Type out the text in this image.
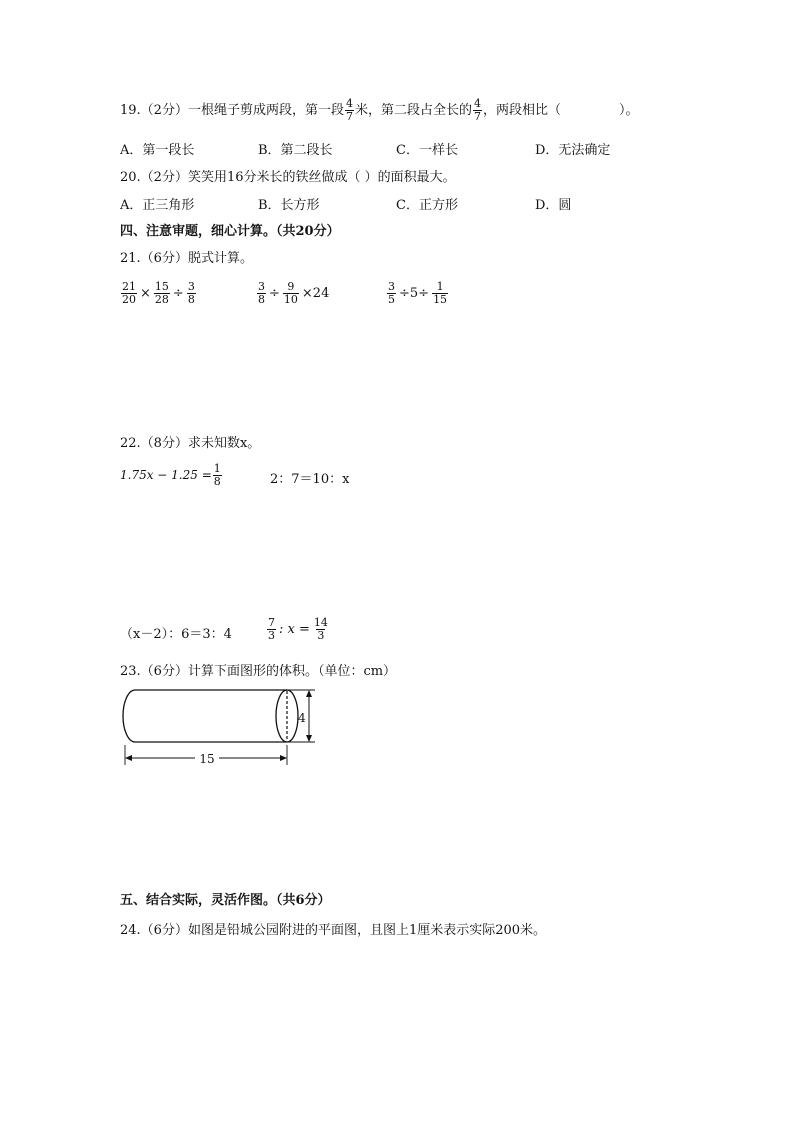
19.（2分）一根绳子剪成两段，第一段 $\frac{4}{7}$ 米，第二段占全长的 $\frac{4}{7}$ ，两段相比（	）。
A．第一段长	B．第二段长	C．一样长	D．无法确定
20.（2分）笑笑用16分米长的铁丝做成（ ）的面积最大。
A．正三角形	B．长方形	C．正方形	D．圆
四、注意审题，细心计算。（共20分）
21.（6分）脱式计算。
$\frac{21}{20} \times \frac{15}{28} \div \frac{3}{8}$	$\frac{3}{8} \div \frac{9}{10} \times 24$	$\frac{3}{5} \div 5\div \frac{1}{15}$
22.（8分）求未知数x。
$1.75x - 1.25 = \frac{1}{8}$	2：7＝10：x
（x－2）：6＝3：4	$\frac{7}{3}$ : $x = \frac{14}{3}$
23.（6分）计算下面图形的体积。（单位：cm）
4
15
五、结合实际，灵活作图。（共6分）
24.（6分）如图是铅城公园附进的平面图，且图上1厘米表示实际200米。
